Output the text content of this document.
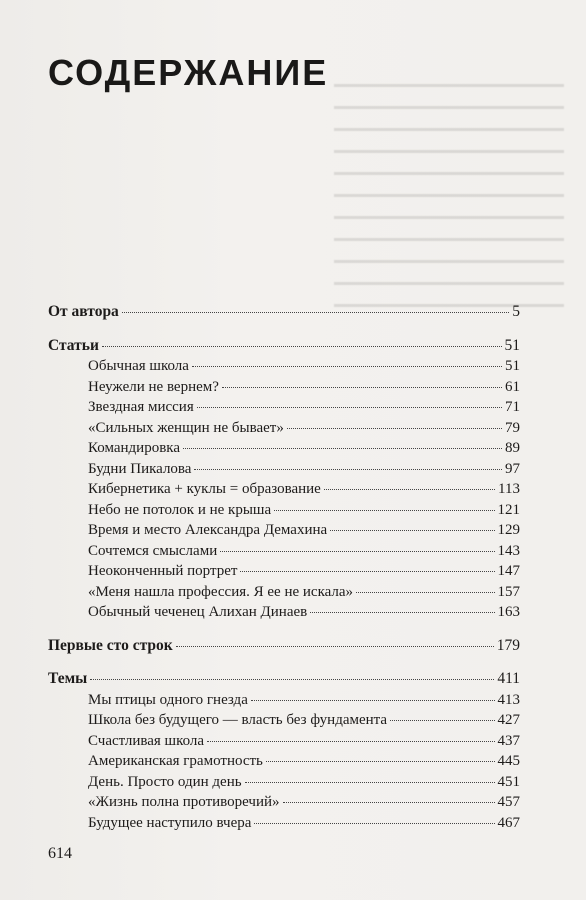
СОДЕРЖАНИЕ
От автора	5
Статьи	51
Обычная школа	51
Неужели не вернем?	61
Звездная миссия	71
«Сильных женщин не бывает»	79
Командировка	89
Будни Пикалова	97
Кибернетика + куклы = образование	113
Небо не потолок и не крыша	121
Время и место Александра Демахина	129
Сочтемся смыслами	143
Неоконченный портрет	147
«Меня нашла профессия. Я ее не искала»	157
Обычный чеченец Алихан Динаев	163
Первые сто строк	179
Темы	411
Мы птицы одного гнезда	413
Школа без будущего — власть без фундамента	427
Счастливая школа	437
Американская грамотность	445
День. Просто один день	451
«Жизнь полна противоречий»	457
Будущее наступило вчера	467

614
